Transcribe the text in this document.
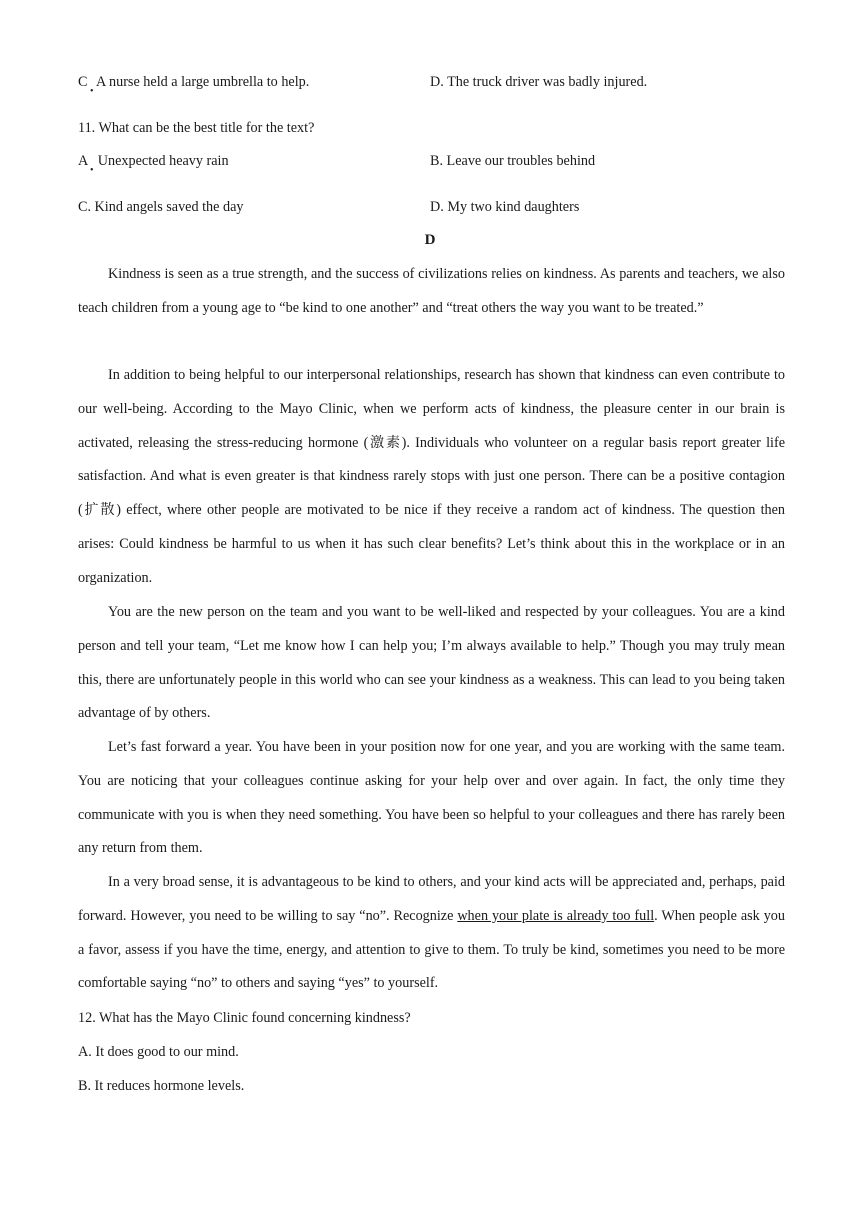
C
•
A nurse held a large umbrella to help.	D. The truck driver was badly injured.
11. What can be the best title for the text?
A
•
Unexpected heavy rain	B. Leave our troubles behind
C. Kind angels saved the day	D. My two kind daughters
D

Kindness is seen as a true strength, and the success of civilizations relies on kindness. As parents and teachers, we also teach children from a young age to “be kind to one another” and “treat others the way you want to be treated.”

In addition to being helpful to our interpersonal relationships, research has shown that kindness can even contribute to our well-being. According to the Mayo Clinic, when we perform acts of kindness, the pleasure center in our brain is activated, releasing the stress-reducing hormone (激素). Individuals who volunteer on a regular basis report greater life satisfaction. And what is even greater is that kindness rarely stops with just one person. There can be a positive contagion (扩散) effect, where other people are motivated to be nice if they receive a random act of kindness. The question then arises: Could kindness be harmful to us when it has such clear benefits? Let’s think about this in the workplace or in an organization.

You are the new person on the team and you want to be well-liked and respected by your colleagues. You are a kind person and tell your team, “Let me know how I can help you; I’m always available to help.” Though you may truly mean this, there are unfortunately people in this world who can see your kindness as a weakness. This can lead to you being taken advantage of by others.

Let’s fast forward a year. You have been in your position now for one year, and you are working with the same team. You are noticing that your colleagues continue asking for your help over and over again. In fact, the only time they communicate with you is when they need something. You have been so helpful to your colleagues and there has rarely been any return from them.

In a very broad sense, it is advantageous to be kind to others, and your kind acts will be appreciated and, perhaps, paid forward. However, you need to be willing to say “no”. Recognize when your plate is already too full. When people ask you a favor, assess if you have the time, energy, and attention to give to them. To truly be kind, sometimes you need to be more comfortable saying “no” to others and saying “yes” to yourself.

12. What has the Mayo Clinic found concerning kindness?
A. It does good to our mind.
B. It reduces hormone levels.
